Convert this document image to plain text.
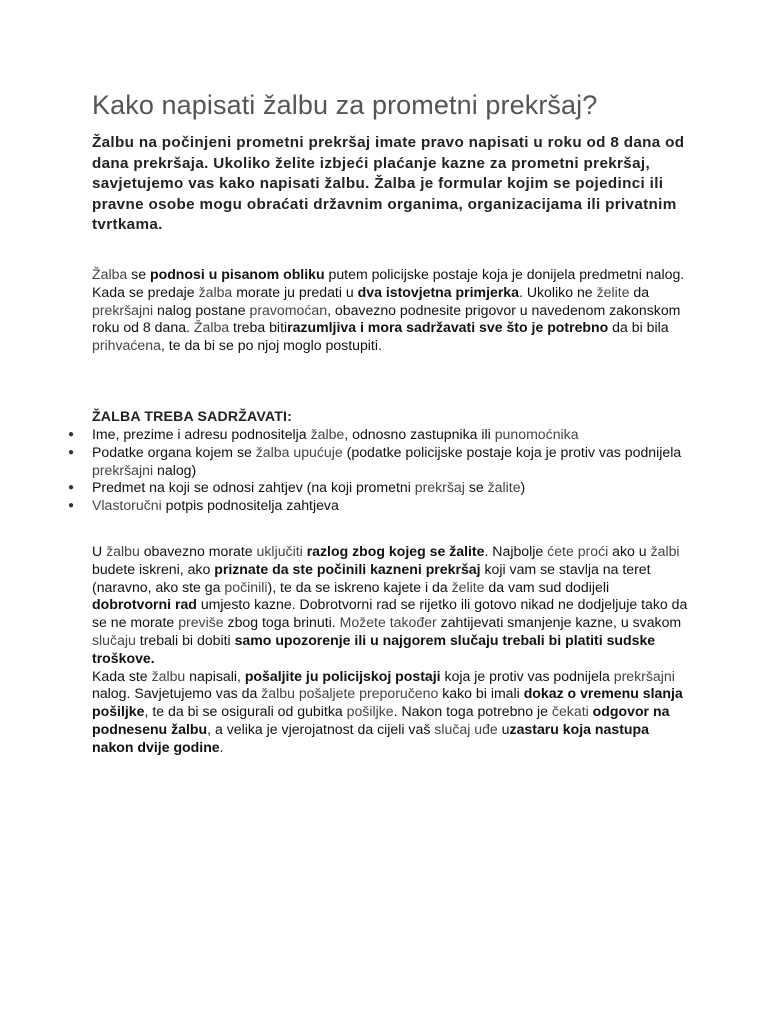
Kako napisati žalbu za prometni prekršaj?

Žalbu na počinjeni prometni prekršaj imate pravo napisati u roku od 8 dana od dana prekršaja. Ukoliko želite izbjeći plaćanje kazne za prometni prekršaj, savjetujemo vas kako napisati žalbu. Žalba je formular kojim se pojedinci ili pravne osobe mogu obraćati državnim organima, organizacijama ili privatnim tvrtkama.

Žalba se podnosi u pisanom obliku putem policijske postaje koja je donijela predmetni nalog. Kada se predaje žalba morate ju predati u dva istovjetna primjerka. Ukoliko ne želite da prekršajni nalog postane pravomoćan, obavezno podnesite prigovor u navedenom zakonskom roku od 8 dana. Žalba treba bitirazumljiva i mora sadržavati sve što je potrebno da bi bila prihvaćena, te da bi se po njoj moglo postupiti.

ŽALBA TREBA SADRŽAVATI:

● Ime, prezime i adresu podnositelja žalbe, odnosno zastupnika ili punomoćnika
● Podatke organa kojem se žalba upućuje (podatke policijske postaje koja je protiv vas podnijela prekršajni nalog)
● Predmet na koji se odnosi zahtjev (na koji prometni prekršaj se žalite)
● Vlastoručni potpis podnositelja zahtjeva

U žalbu obavezno morate uključiti razlog zbog kojeg se žalite. Najbolje ćete proći ako u žalbi budete iskreni, ako priznate da ste počinili kazneni prekršaj koji vam se stavlja na teret (naravno, ako ste ga počinili), te da se iskreno kajete i da želite da vam sud dodijeli dobrotvorni rad umjesto kazne. Dobrotvorni rad se rijetko ili gotovo nikad ne dodjeljuje tako da se ne morate previše zbog toga brinuti. Možete također zahtijevati smanjenje kazne, u svakom slučaju trebali bi dobiti samo upozorenje ili u najgorem slučaju trebali bi platiti sudske troškove.
Kada ste žalbu napisali, pošaljite ju policijskoj postaji koja je protiv vas podnijela prekršajni nalog. Savjetujemo vas da žalbu pošaljete preporučeno kako bi imali dokaz o vremenu slanja pošiljke, te da bi se osigurali od gubitka pošiljke. Nakon toga potrebno je čekati odgovor na podnesenu žalbu, a velika je vjerojatnost da cijeli vaš slučaj uđe uzastaru koja nastupa nakon dvije godine.
